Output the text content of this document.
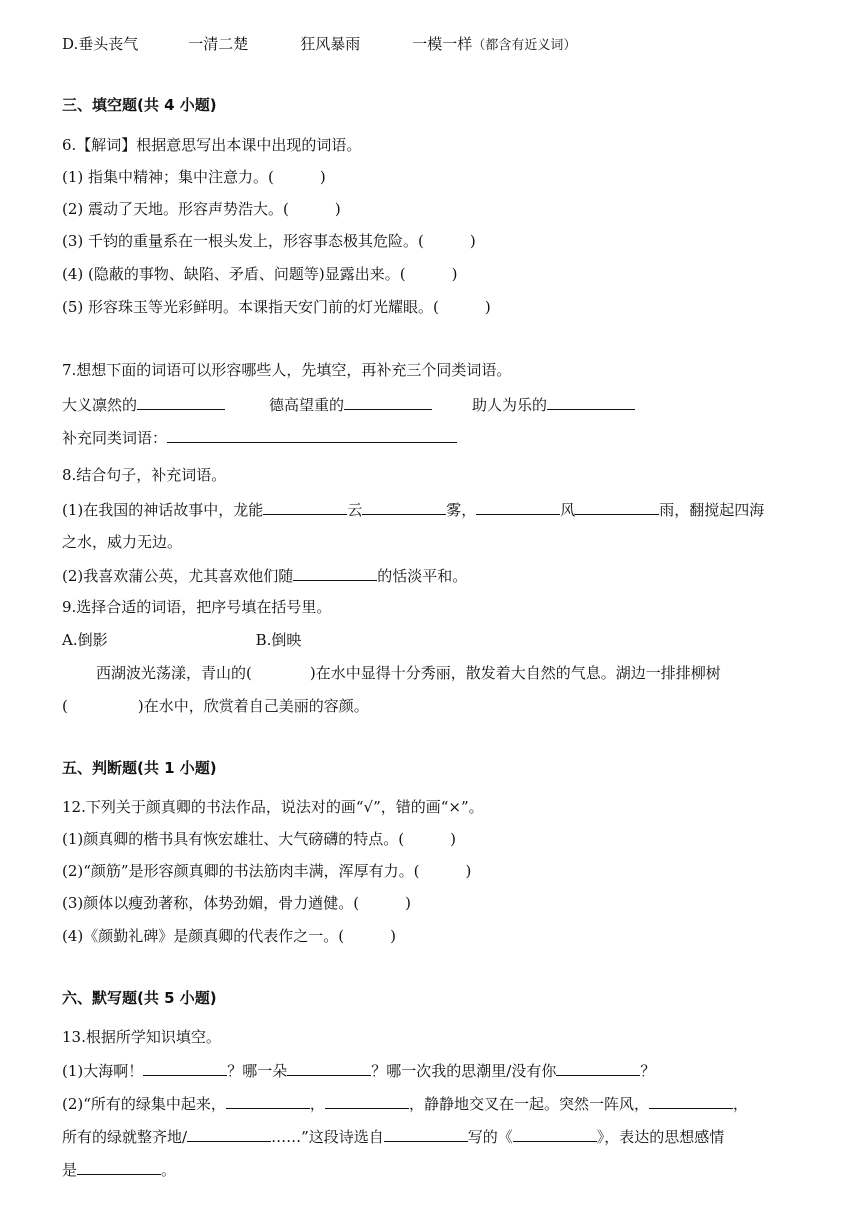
D.垂头丧气	一清二楚	狂风暴雨	一模一样（都含有近义词）
三、填空题(共 4 小题)
6.【解词】根据意思写出本课中出现的词语。
(1) 指集中精神；集中注意力。(	)
(2) 震动了天地。形容声势浩大。(	)
(3) 千钧的重量系在一根头发上，形容事态极其危险。(	)
(4) (隐蔽的事物、缺陷、矛盾、问题等)显露出来。(	)
(5) 形容珠玉等光彩鲜明。本课指天安门前的灯光耀眼。(	)
7.想想下面的词语可以形容哪些人，先填空，再补充三个同类词语。
大义凛然的	德高望重的	助人为乐的
补充同类词语：
8.结合句子，补充词语。
(1)在我国的神话故事中，龙能	云	雾，	风	雨，翻搅起四海
之水，威力无边。
(2)我喜欢蒲公英，尤其喜欢他们随	的恬淡平和。
9.选择合适的词语，把序号填在括号里。
A.倒影	B.倒映
西湖波光荡漾，青山的(	)在水中显得十分秀丽，散发着大自然的气息。湖边一排排柳树
(	)在水中，欣赏着自己美丽的容颜。
五、判断题(共 1 小题)
12.下列关于颜真卿的书法作品，说法对的画“√”，错的画“×”。
(1)颜真卿的楷书具有恢宏雄壮、大气磅礴的特点。(	)
(2)“颜筋”是形容颜真卿的书法筋肉丰满，浑厚有力。(	)
(3)颜体以瘦劲著称，体势劲媚，骨力遒健。(	)
(4)《颜勤礼碑》是颜真卿的代表作之一。(	)
六、默写题(共 5 小题)
13.根据所学知识填空。
(1)大海啊！	？哪一朵	？哪一次我的思潮里/没有你	？
(2)“所有的绿集中起来，	，	，静静地交叉在一起。突然一阵风，	，
所有的绿就整齐地/	……”这段诗选自	写的《	》，表达的思想感情
是	。
